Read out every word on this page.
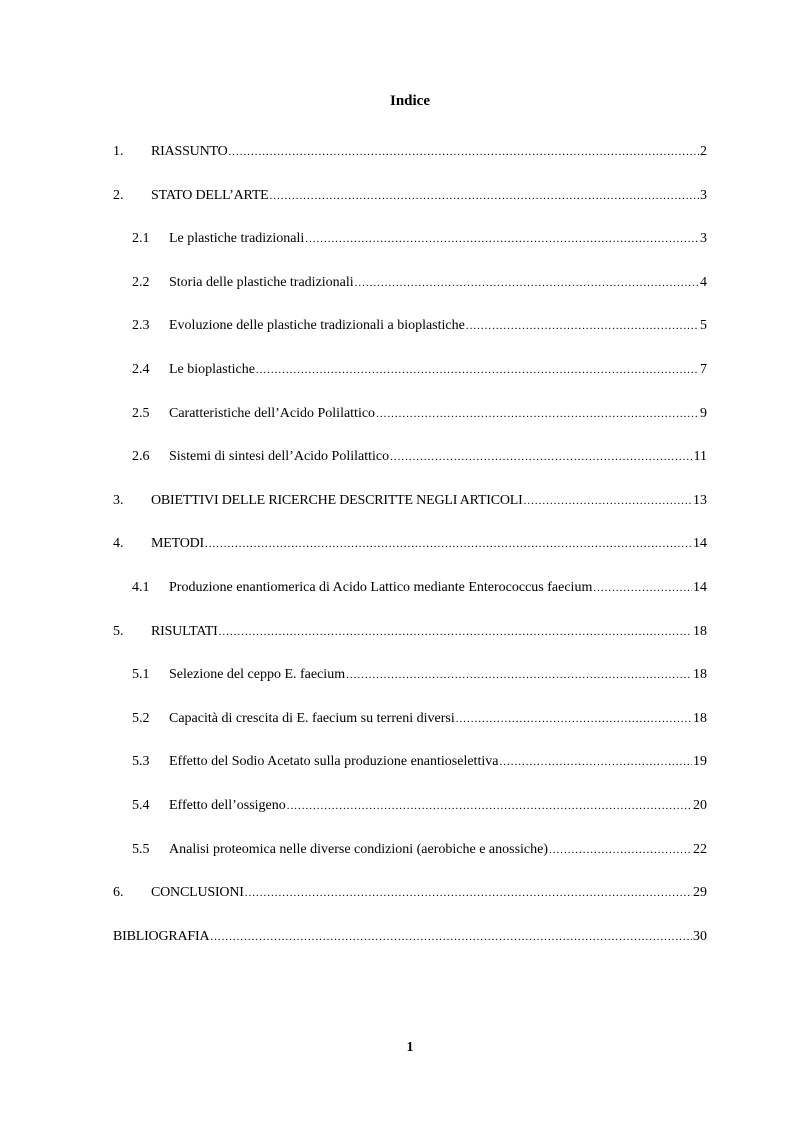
Indice
1.	RIASSUNTO .....	2
2.	STATO DELL’ARTE .....	3
2.1	Le plastiche tradizionali .....	3
2.2	Storia delle plastiche tradizionali .....	4
2.3	Evoluzione delle plastiche tradizionali a bioplastiche .....	5
2.4	Le bioplastiche .....	7
2.5	Caratteristiche dell’Acido Polilattico .....	9
2.6	Sistemi di sintesi dell’Acido Polilattico .....	11
3.	OBIETTIVI DELLE RICERCHE DESCRITTE NEGLI ARTICOLI .....	13
4.	METODI .....	14
4.1	Produzione enantiomerica di Acido Lattico mediante Enterococcus faecium .....	14
5.	RISULTATI .....	18
5.1	Selezione del ceppo E. faecium .....	18
5.2	Capacità di crescita di E. faecium su terreni diversi .....	18
5.3	Effetto del Sodio Acetato sulla produzione enantioselettiva .....	19
5.4	Effetto dell’ossigeno .....	20
5.5	Analisi proteomica nelle diverse condizioni (aerobiche e anossiche) .....	22
6.	CONCLUSIONI .....	29
BIBLIOGRAFIA .....	30
1
